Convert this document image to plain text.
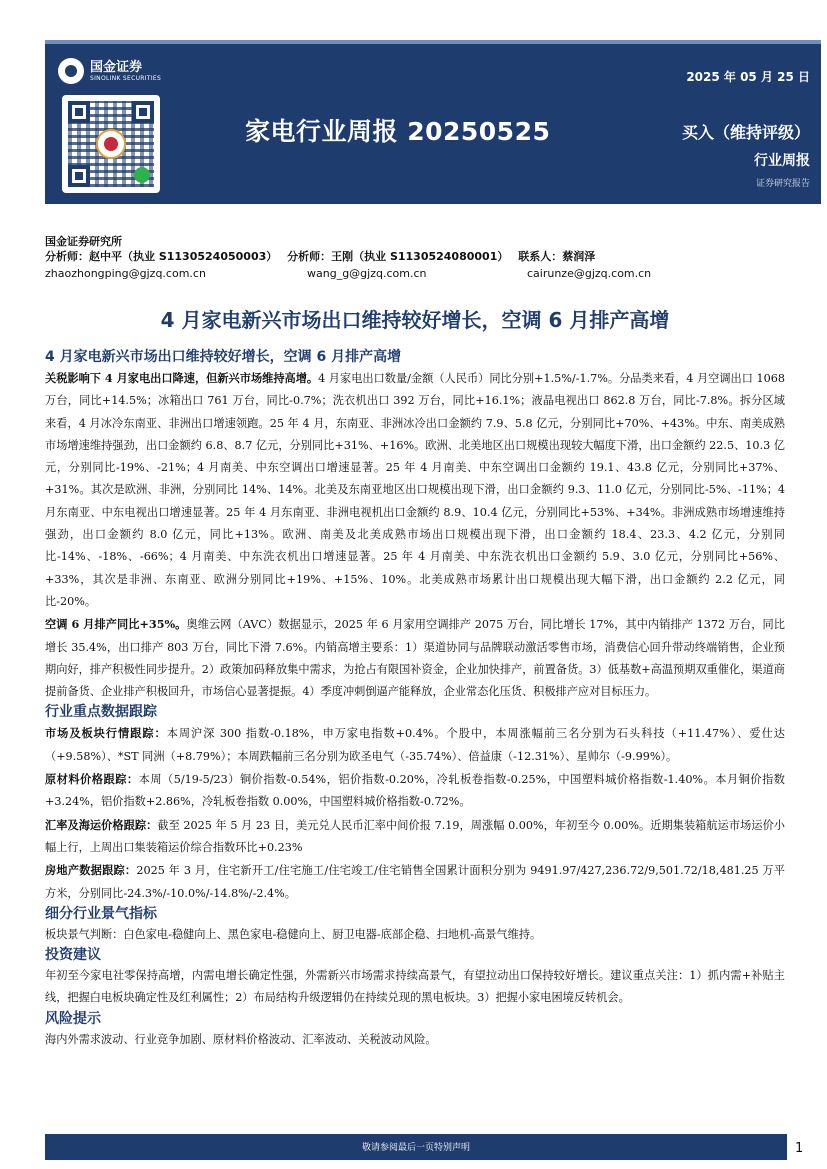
国金证券
SINOLINK SECURITIES	2025 年 05 月 25 日
家电行业周报 20250525	买入（维持评级）
行业周报
证券研究报告
国金证券研究所
分析师：赵中平（执业 S1130524050003） 分析师：王刚（执业 S1130524080001） 联系人：蔡润泽
zhaozhongping@gjzq.com.cn	wang_g@gjzq.com.cn	cairunze@gjzq.com.cn
4 月家电新兴市场出口维持较好增长，空调 6 月排产高增
4 月家电新兴市场出口维持较好增长，空调 6 月排产高增

关税影响下 4 月家电出口降速，但新兴市场维持高增。4 月家电出口数量/金额（人民币）同比分别+1.5%/-1.7%。分品类来看，4 月空调出口 1068 万台，同比+14.5%；冰箱出口 761 万台，同比-0.7%；洗衣机出口 392 万台，同比+16.1%；液晶电视出口 862.8 万台，同比-7.8%。拆分区域来看，4 月冰冷东南亚、非洲出口增速领跑。25 年 4 月，东南亚、非洲冰冷出口金额约 7.9、5.8 亿元，分别同比+70%、+43%。中东、南美成熟市场增速维持强劲，出口金额约 6.8、8.7 亿元，分别同比+31%、+16%。欧洲、北美地区出口规模出现较大幅度下滑，出口金额约 22.5、10.3 亿元，分别同比-19%、-21%；4 月南美、中东空调出口增速显著。25 年 4 月南美、中东空调出口金额约 19.1、43.8 亿元，分别同比+37%、+31%。其次是欧洲、非洲，分别同比 14%、14%。北美及东南亚地区出口规模出现下滑，出口金额约 9.3、11.0 亿元，分别同比-5%、-11%；4 月东南亚、中东电视出口增速显著。25 年 4 月东南亚、非洲电视机出口金额约 8.9、10.4 亿元，分别同比+53%、+34%。非洲成熟市场增速维持强劲，出口金额约 8.0 亿元，同比+13%。欧洲、南美及北美成熟市场出口规模出现下滑，出口金额约 18.4、23.3、4.2 亿元，分别同比-14%、-18%、-66%；4 月南美、中东洗衣机出口增速显著。25 年 4 月南美、中东洗衣机出口金额约 5.9、3.0 亿元，分别同比+56%、+33%，其次是非洲、东南亚、欧洲分别同比+19%、+15%、10%。北美成熟市场累计出口规模出现大幅下滑，出口金额约 2.2 亿元，同比-20%。

空调 6 月排产同比+35%。奥维云网（AVC）数据显示，2025 年 6 月家用空调排产 2075 万台，同比增长 17%，其中内销排产 1372 万台，同比增长 35.4%，出口排产 803 万台，同比下滑 7.6%。内销高增主要系：1）渠道协同与品牌联动激活零售市场，消费信心回升带动终端销售，企业预期向好，排产积极性同步提升。2）政策加码释放集中需求，为抢占有限国补资金，企业加快排产，前置备货。3）低基数+高温预期双重催化，渠道商提前备货、企业排产积极回升，市场信心显著提振。4）季度冲刺倒逼产能释放，企业常态化压货、积极排产应对目标压力。

行业重点数据跟踪

市场及板块行情跟踪：本周沪深 300 指数-0.18%，申万家电指数+0.4%。个股中，本周涨幅前三名分别为石头科技（+11.47%）、爱仕达（+9.58%）、*ST 同洲（+8.79%）；本周跌幅前三名分别为欧圣电气（-35.74%）、倍益康（-12.31%）、星帅尔（-9.99%）。

原材料价格跟踪：本周（5/19-5/23）铜价指数-0.54%，铝价指数-0.20%，冷轧板卷指数-0.25%，中国塑料城价格指数-1.40%。本月铜价指数+3.24%，铝价指数+2.86%，冷轧板卷指数 0.00%，中国塑料城价格指数-0.72%。

汇率及海运价格跟踪：截至 2025 年 5 月 23 日，美元兑人民币汇率中间价报 7.19，周涨幅 0.00%，年初至今 0.00%。近期集装箱航运市场运价小幅上行，上周出口集装箱运价综合指数环比+0.23%

房地产数据跟踪：2025 年 3 月，住宅新开工/住宅施工/住宅竣工/住宅销售全国累计面积分别为 9491.97/427,236.72/9,501.72/18,481.25 万平方米，分别同比-24.3%/-10.0%/-14.8%/-2.4%。

细分行业景气指标

板块景气判断：白色家电-稳健向上、黑色家电-稳健向上、厨卫电器-底部企稳、扫地机-高景气维持。

投资建议

年初至今家电社零保持高增，内需电增长确定性强，外需新兴市场需求持续高景气，有望拉动出口保持较好增长。建议重点关注：1）抓内需+补贴主线，把握白电板块确定性及红利属性；2）布局结构升级逻辑仍在持续兑现的黑电板块。3）把握小家电困境反转机会。

风险提示

海内外需求波动、行业竞争加剧、原材料价格波动、汇率波动、关税波动风险。

敬请参阅最后一页特别声明	1
